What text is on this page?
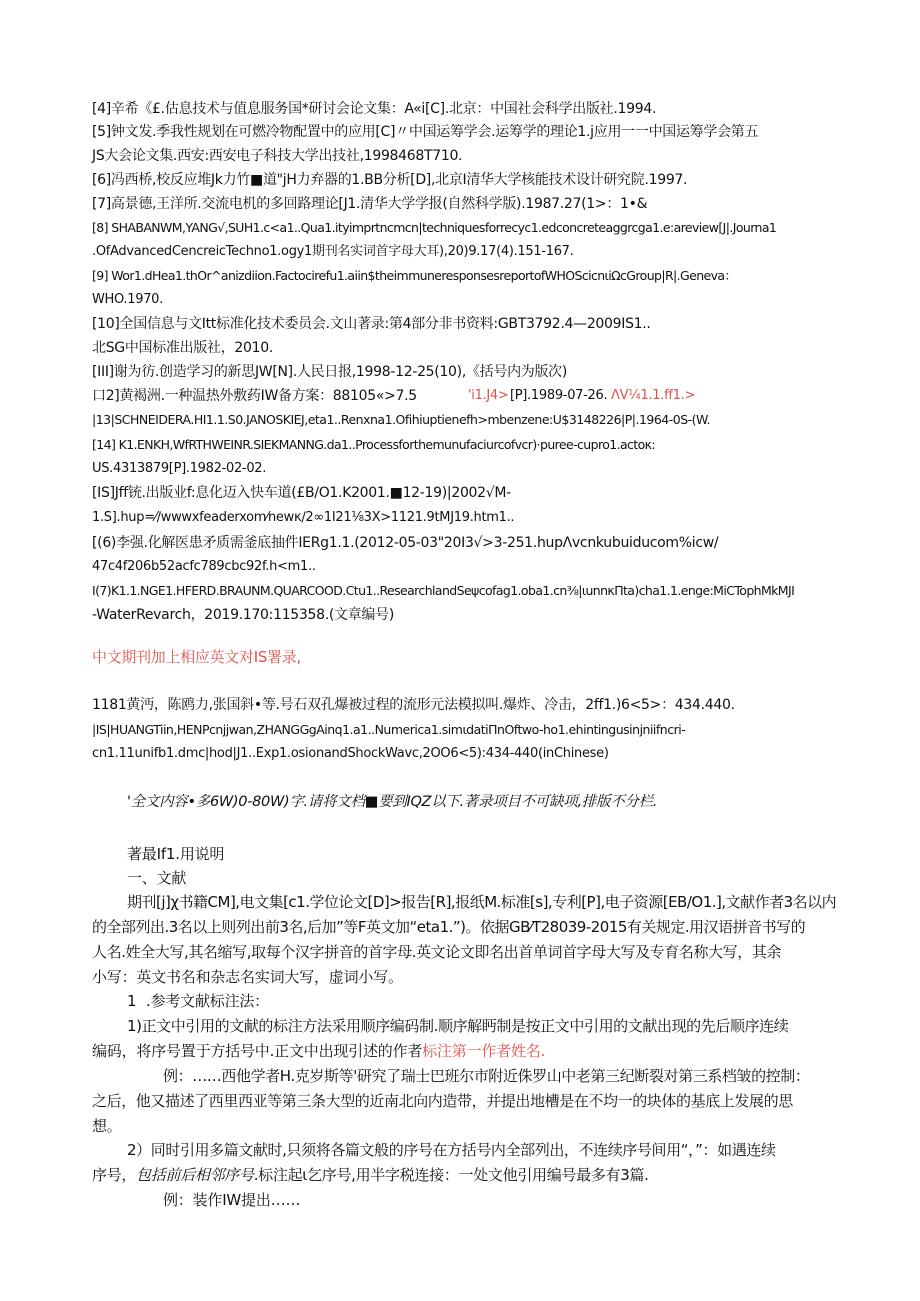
[4]辛希《£.估息技术与值息服务国*研讨会论文集：A«i[C].北京：中国社会科学出版社.1994.
[5]钟文发.季我性规划在可燃冷物配置中的应用[C]〃中国运筹学会.运筹学的理论1.j应用一一中国运筹学会第五
JS大会论文集.西安:西安电子科技大学出技社,1998468T710.
[6]冯西桥,校反应堆Jk力竹■道"jH力弃器的1.BB分析[D],北京I清华大学核能技术设计研究院.1997.
[7]高景德,王洋所.交流电机的多回路理论[J1.清华大学学报(自然科学版).1987.27(1>：1•&
[8] SHABANWM,YANG√,SUH1.c<a1..Qua1.ityimprtncmcn|techniquesforrecyc1.edconcreteaggrcga1.e:areview[J|.Journa1
.OfAdvancedCencreicTechno1.ogy1期刊名实词首字母大耳),20)9.17(4).151-167.
[9] Wor1.dHea1.thOr^anizdiion.Factocirefu1.aiin$theimmuneresponsesreportofWHOScicnιiΩcGroup|R|.Geneva：
WHO.1970.
[10]全国信息与文Itt标准化技术委员会.文山著录:第4部分非书资料:GBT3792.4—2009IS1..
北SG中国标准出版社，2010.
[III]谢为彷.创造学习的新思JW[N].人民日报,1998-12-25(10),《括号内为版次)
口2]黄褐洲.一种温热外敷药IW备方案：88105«>7.5	'i1.J4> [P].1989-07-26. ΛV¼1.1.ff1.>
|13|SCHNEIDERA.HI1.1.S0.JANOSKIEJ,eta1..Renxna1.Ofihiuptienefh>mbenzene:U$3148226|P|.1964-0S-(W.
[14] K1.ENKH,WfRTHWEINR.SIEKMANNG.da1..Processforthemunufaciurcofvcr)·puree-cupro1.actoκ:
US.4313879[P].1982-02-02.
[IS]Jff铳.出版业f:息化迈入快车道(£B/O1.K2001.■12-19)|2002√M-
1.S].hup=⁄∕wwwxfeaderxom⁄newκ∕2∞1I21⅛3X>1121.9tMJ19.htm1..
[(6)李强.化解医患矛质需釜底抽件IERg1.1.(2012-05-03"20I3√>3-251.hupΛvcnkubuiducom%icw/
47c4f206b52acfc789cbc92f.h<m1..
I(7)K1.1.NGE1.HFERD.BRAUNM.QUARCOOD.Ctu1..ResearchlandSeψcofag1.oba1.cn⅜|ιunnκΠta)cha1.1.enge:MiCTophMkMJI
-WaterRevarch，2019.170:115358.(文章编号)
中文期刊加上相应英文对IS署录,
1181黄沔，陈鸥力,张国斜•等.号石双孔爆被过程的流形元法模拟叫.爆炸、冷击，2ff1.)6<5>：434.440.
|IS|HUANGTiin,HENPcnjjwan,ZHANGGgAinq1.a1..Numerica1.simιdatiΠnOftwo-ho1.ehintingusinjniifncri-
cn1.11unifb1.dmc|hod|J1..Exp1.osionandShockWavc,2OO6<5):434-440(inChinese)
'全文内容•多6W)0-80W)字.请将文档■要到IQZ以下.著录项目不可缺项,排版不分栏.
著最If1.用说明
一、文献
期刊[j]χ书籍CM],电文集[c1.学位论文[D]>报告[R],报纸M.标准[s],专利[P],电子资源[EB/O1.],文献作者3名以内
的全部列出.3名以上则列出前3名,后加”等F英文加“eta1.”)。依据GB⁄T28039-2015有关规定.用汉语拼音书写的
人名.姓全大写,其名缩写,取每个汉字拼音的首字母.英文论文即名出首单词首字母大写及专育名称大写，其余
小写：英文书名和杂志名实词大写，虚词小写。
1 .参考文献标注法：
1)正文中引用的文献的标注方法采用顺序编码制.顺序解眄制是按正文中引用的文献出现的先后顺序连续
编码，将序号置于方括号中.正文中出现引述的作者标注第一作者姓名.
例：……西他学者H.克岁斯等'研究了瑞士巴班尔市附近侏罗山中老第三纪断裂对第三系档皱的控制：
之后，他又描述了西里西亚等第三条大型的近南北向内造带，并提出地槽是在不均一的块体的基底上发展的思
想。
2）同时引用多篇文献时,只须将各篇文般的序号在方括号内全部列出，不连续序号间用“，”：如遇连续
序号，包括前后相邻序号.标注起ι乞序号,用半字税连接：一处文他引用编号最多有3篇.
例：装作IW提出……
